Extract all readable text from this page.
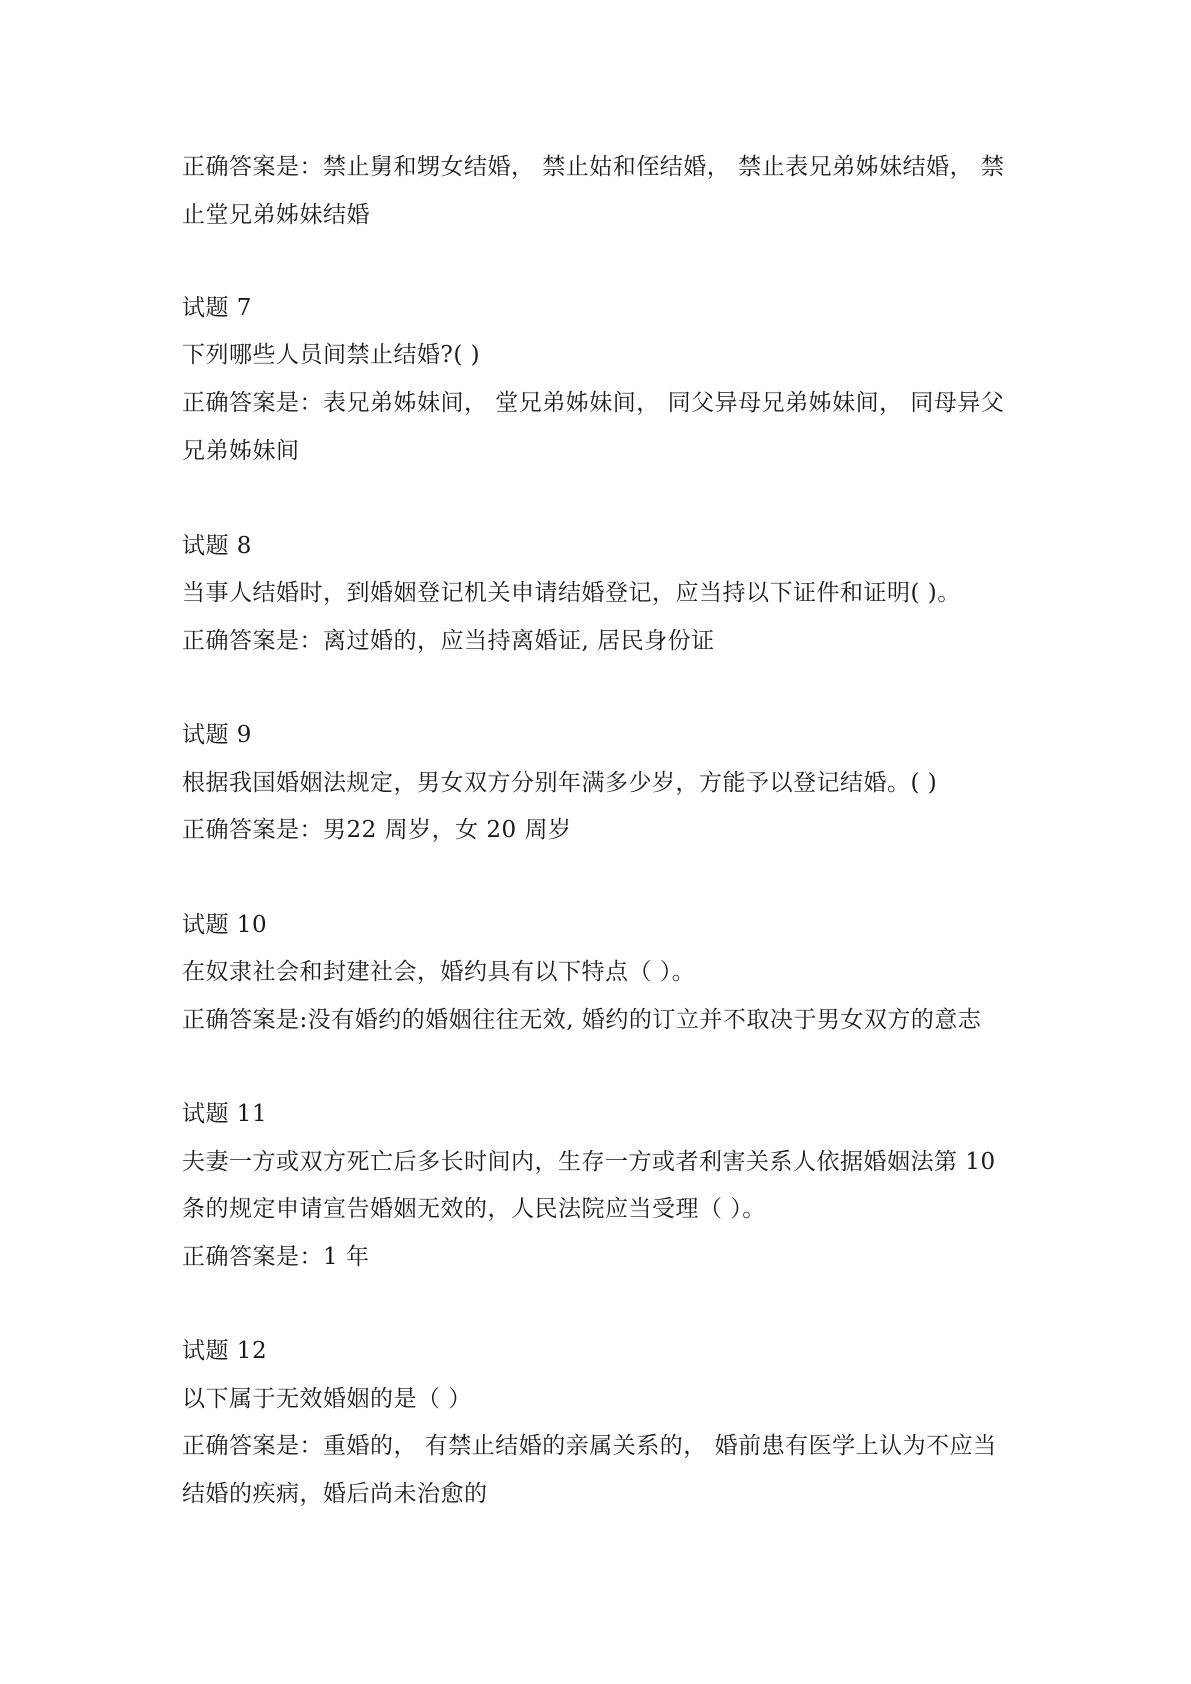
正确答案是：禁止舅和甥女结婚， 禁止姑和侄结婚， 禁止表兄弟姊妹结婚， 禁
止堂兄弟姊妹结婚
试题 7
下列哪些人员间禁止结婚?( )
正确答案是：表兄弟姊妹间， 堂兄弟姊妹间， 同父异母兄弟姊妹间， 同母异父
兄弟姊妹间
试题 8
当事人结婚时，到婚姻登记机关申请结婚登记，应当持以下证件和证明( )。
正确答案是：离过婚的，应当持离婚证, 居民身份证
试题 9
根据我国婚姻法规定，男女双方分别年满多少岁，方能予以登记结婚。( )
正确答案是：男22 周岁，女 20 周岁
试题 10
在奴隶社会和封建社会，婚约具有以下特点（ ）。
正确答案是:没有婚约的婚姻往往无效, 婚约的订立并不取决于男女双方的意志
试题 11
夫妻一方或双方死亡后多长时间内，生存一方或者利害关系人依据婚姻法第 10
条的规定申请宣告婚姻无效的，人民法院应当受理（ ）。
正确答案是：1 年
试题 12
以下属于无效婚姻的是（ ）
正确答案是：重婚的， 有禁止结婚的亲属关系的， 婚前患有医学上认为不应当
结婚的疾病，婚后尚未治愈的
